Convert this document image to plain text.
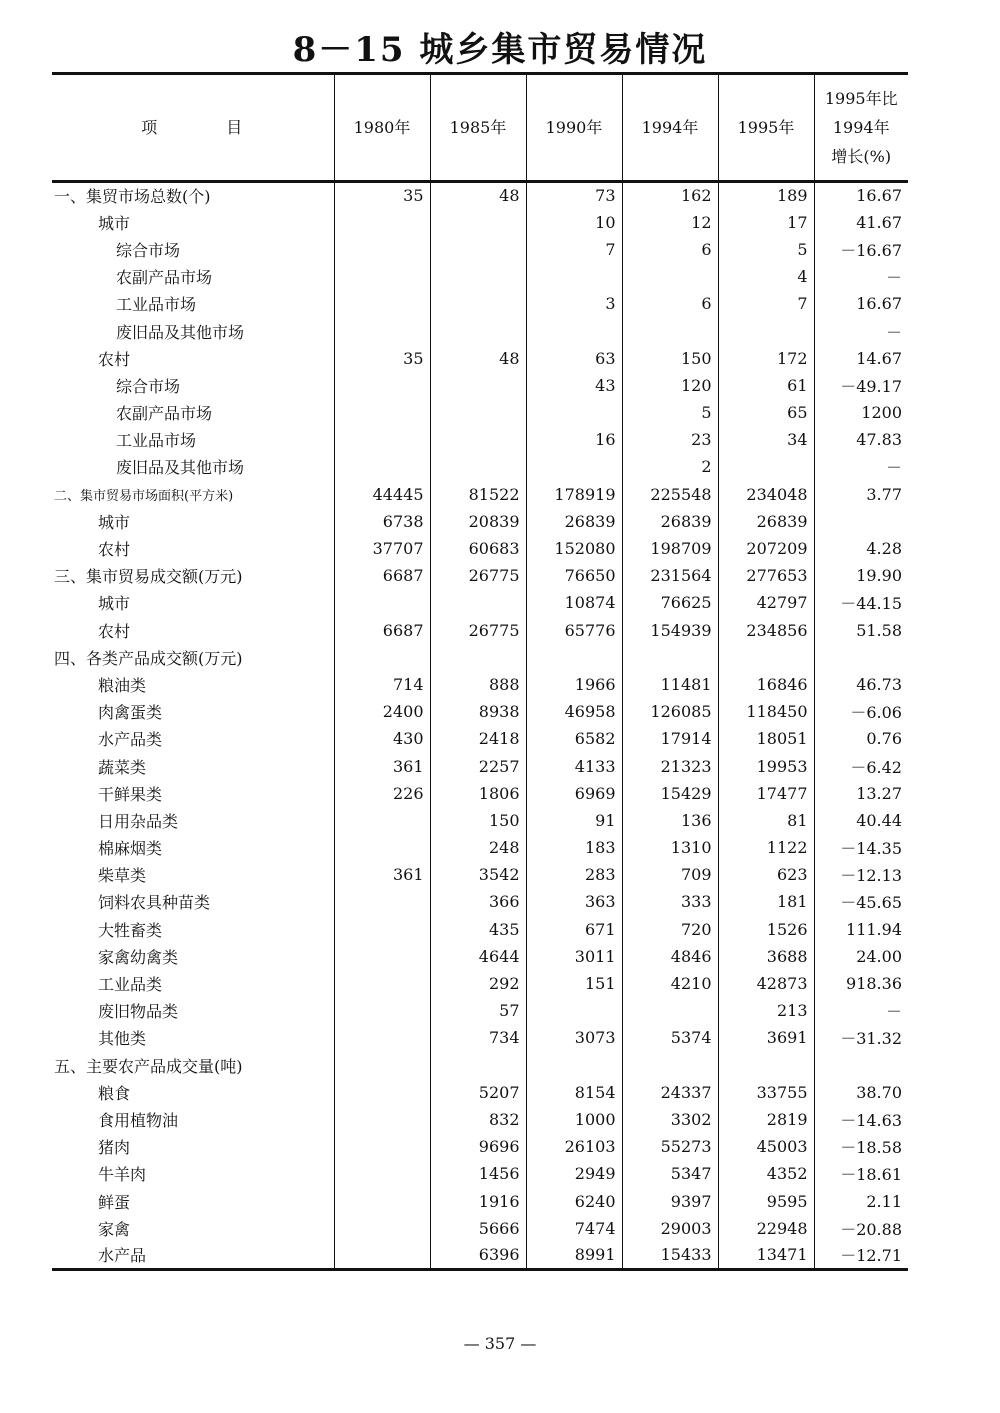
8－15 城乡集市贸易情况
项 目	1980年	1985年	1990年	1994年	1995年	1995年比
1994年
增长(%)

一、集贸市场总数(个)	35	48	73	162	189	16.67
城市			10	12	17	41.67
综合市场			7	6	5	－16.67
农副产品市场					4	－
工业品市场			3	6	7	16.67
废旧品及其他市场						－
农村	35	48	63	150	172	14.67
综合市场			43	120	61	－49.17
农副产品市场				5	65	1200
工业品市场			16	23	34	47.83
废旧品及其他市场				2		－
二、集市贸易市场面积(平方米)	44445	81522	178919	225548	234048	3.77
城市	6738	20839	26839	26839	26839	
农村	37707	60683	152080	198709	207209	4.28
三、集市贸易成交额(万元)	6687	26775	76650	231564	277653	19.90
城市			10874	76625	42797	－44.15
农村	6687	26775	65776	154939	234856	51.58
四、各类产品成交额(万元)						
粮油类	714	888	1966	11481	16846	46.73
肉禽蛋类	2400	8938	46958	126085	118450	－6.06
水产品类	430	2418	6582	17914	18051	0.76
蔬菜类	361	2257	4133	21323	19953	－6.42
干鲜果类	226	1806	6969	15429	17477	13.27
日用杂品类		150	91	136	81	40.44
棉麻烟类		248	183	1310	1122	－14.35
柴草类	361	3542	283	709	623	－12.13
饲料农具种苗类		366	363	333	181	－45.65
大牲畜类		435	671	720	1526	111.94
家禽幼禽类		4644	3011	4846	3688	24.00
工业品类		292	151	4210	42873	918.36
废旧物品类		57			213	－
其他类		734	3073	5374	3691	－31.32
五、主要农产品成交量(吨)						
粮食		5207	8154	24337	33755	38.70
食用植物油		832	1000	3302	2819	－14.63
猪肉		9696	26103	55273	45003	－18.58
牛羊肉		1456	2949	5347	4352	－18.61
鲜蛋		1916	6240	9397	9595	2.11
家禽		5666	7474	29003	22948	－20.88
水产品		6396	8991	15433	13471	－12.71
— 357 —
